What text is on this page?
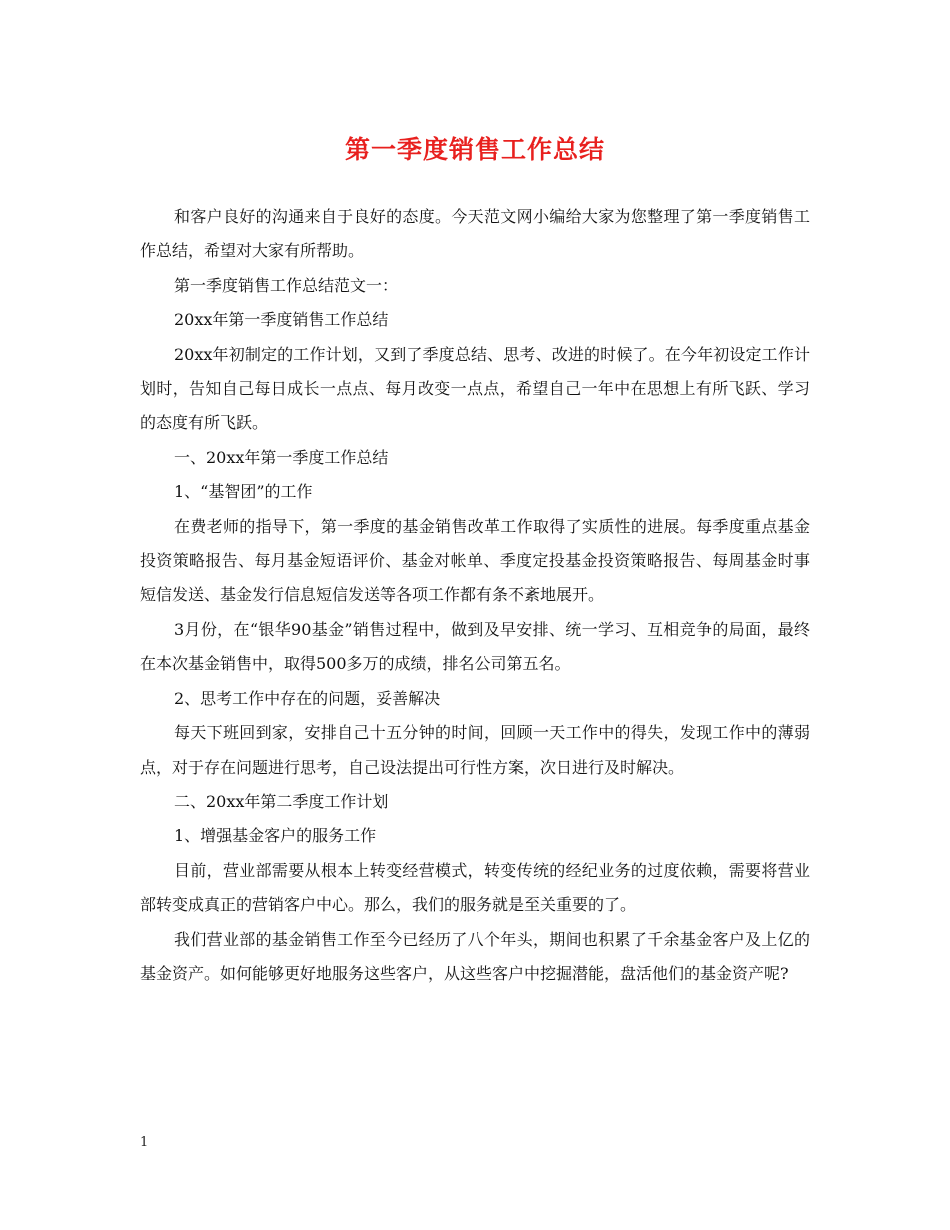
第一季度销售工作总结

和客户良好的沟通来自于良好的态度。今天范文网小编给大家为您整理了第一季度销售工作总结，希望对大家有所帮助。

第一季度销售工作总结范文一：

20xx年第一季度销售工作总结

20xx年初制定的工作计划，又到了季度总结、思考、改进的时候了。在今年初设定工作计划时，告知自己每日成长一点点、每月改变一点点，希望自己一年中在思想上有所飞跃、学习的态度有所飞跃。

一、20xx年第一季度工作总结

1、“基智团”的工作

在费老师的指导下，第一季度的基金销售改革工作取得了实质性的进展。每季度重点基金投资策略报告、每月基金短语评价、基金对帐单、季度定投基金投资策略报告、每周基金时事短信发送、基金发行信息短信发送等各项工作都有条不紊地展开。

3月份，在“银华90基金”销售过程中，做到及早安排、统一学习、互相竞争的局面，最终在本次基金销售中，取得500多万的成绩，排名公司第五名。

2、思考工作中存在的问题，妥善解决

每天下班回到家，安排自己十五分钟的时间，回顾一天工作中的得失，发现工作中的薄弱点，对于存在问题进行思考，自己设法提出可行性方案，次日进行及时解决。

二、20xx年第二季度工作计划

1、增强基金客户的服务工作

目前，营业部需要从根本上转变经营模式，转变传统的经纪业务的过度依赖，需要将营业部转变成真正的营销客户中心。那么，我们的服务就是至关重要的了。

我们营业部的基金销售工作至今已经历了八个年头，期间也积累了千余基金客户及上亿的基金资产。如何能够更好地服务这些客户，从这些客户中挖掘潜能，盘活他们的基金资产呢?

1
